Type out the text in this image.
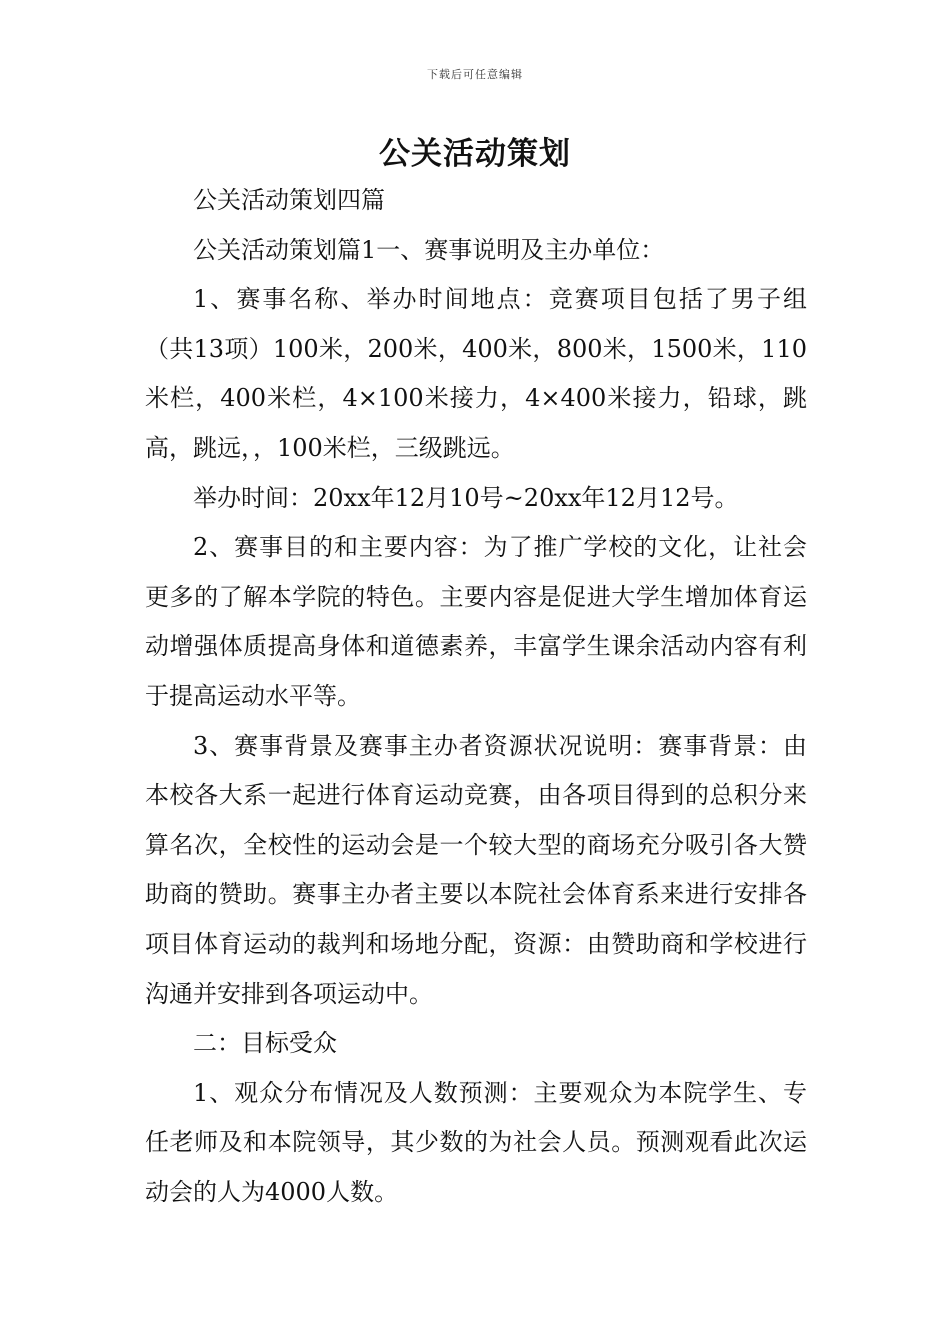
下载后可任意编辑
公关活动策划

公关活动策划四篇

公关活动策划篇1一、赛事说明及主办单位：

1、赛事名称、举办时间地点：竞赛项目包括了男子组（共13项）100米，200米，400米，800米，1500米，110米栏，400米栏，4×100米接力，4×400米接力，铅球，跳高，跳远，，100米栏，三级跳远。

举办时间：20xx年12月10号~20xx年12月12号。

2、赛事目的和主要内容：为了推广学校的文化，让社会更多的了解本学院的特色。主要内容是促进大学生增加体育运动增强体质提高身体和道德素养，丰富学生课余活动内容有利于提高运动水平等。

3、赛事背景及赛事主办者资源状况说明：赛事背景：由本校各大系一起进行体育运动竞赛，由各项目得到的总积分来算名次，全校性的运动会是一个较大型的商场充分吸引各大赞助商的赞助。赛事主办者主要以本院社会体育系来进行安排各项目体育运动的裁判和场地分配，资源：由赞助商和学校进行沟通并安排到各项运动中。

二：目标受众

1、观众分布情况及人数预测：主要观众为本院学生、专任老师及和本院领导，其少数的为社会人员。预测观看此次运动会的人为4000人数。
